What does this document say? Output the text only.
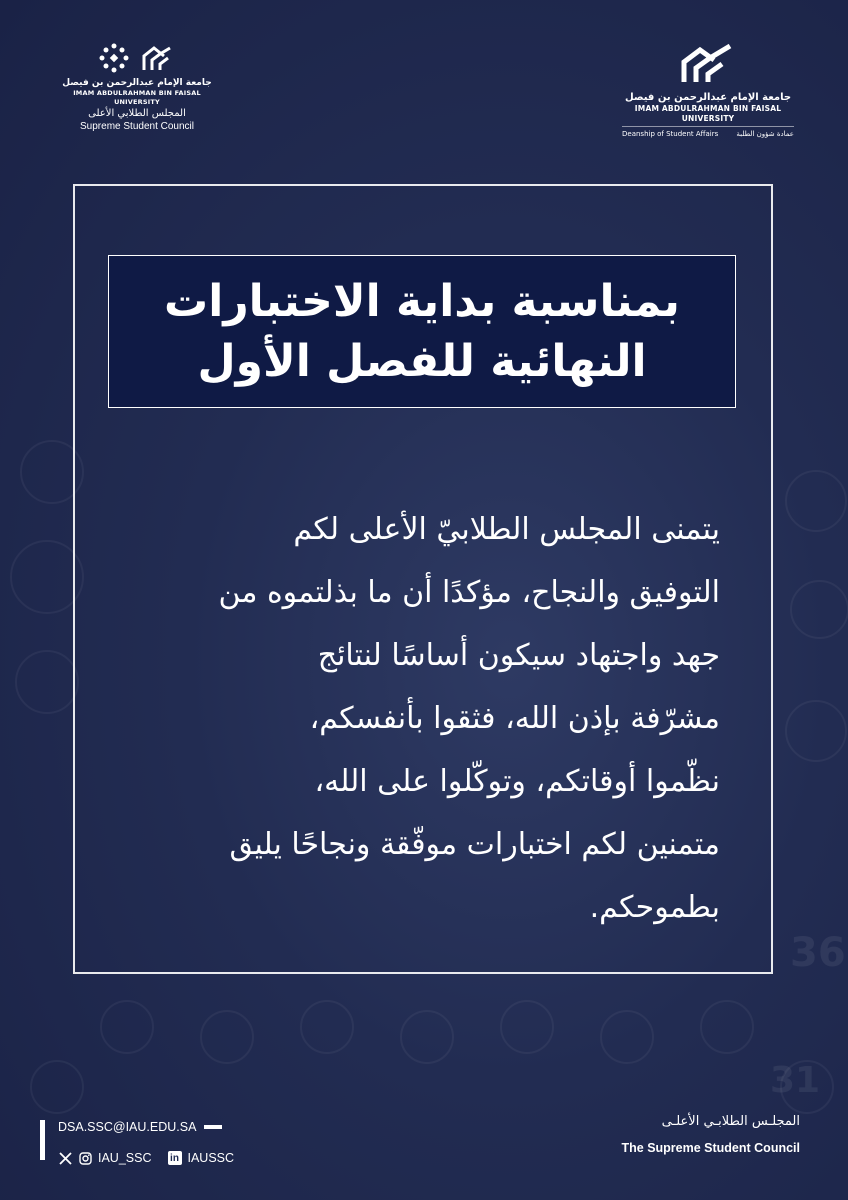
36
31
جامعة الإمام عبدالرحمن بن فيصل
IMAM ABDULRAHMAN BIN FAISAL UNIVERSITY
المجلس الطلابي الأعلى
Supreme Student Council
جامعة الإمام عبدالرحمن بن فيصل
IMAM ABDULRAHMAN BIN FAISAL UNIVERSITY
Deanship of Student Affairs	عمادة شؤون الطلبة
بمناسبة بداية الاختبارات
النهائية للفصل الأول
يتمنى المجلس الطلابيّ الأعلى لكم
التوفيق والنجاح، مؤكدًا أن ما بذلتموه من
جهد واجتهاد سيكون أساسًا لنتائج
مشرّفة بإذن الله، فثقوا بأنفسكم،
نظّموا أوقاتكم، وتوكّلوا على الله،
متمنين لكم اختبارات موفّقة ونجاحًا يليق
بطموحكم.
DSA.SSC@IAU.EDU.SA
IAU_SSC in IAUSSC
المجلـس الطلابـي الأعلـى
The Supreme Student Council
